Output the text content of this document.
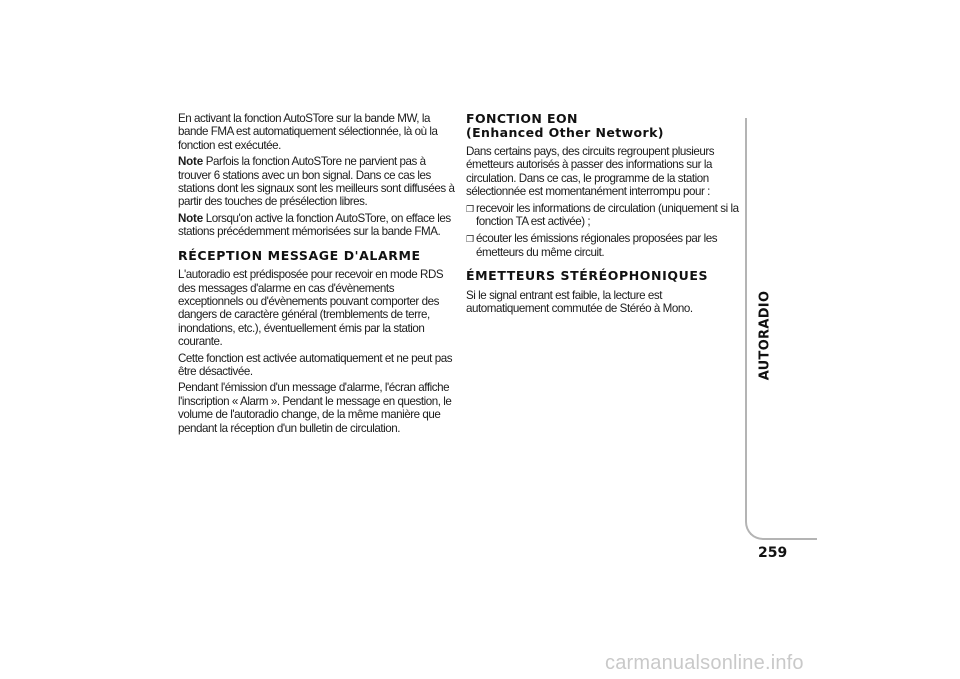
En activant la fonction AutoSTore sur la bande MW, la bande FMA est automatiquement sélectionnée, là où la fonction est exécutée.

Note Parfois la fonction AutoSTore ne parvient pas à trouver 6 stations avec un bon signal. Dans ce cas les stations dont les signaux sont les meilleurs sont diffusées à partir des touches de présélection libres.

Note Lorsqu'on active la fonction AutoSTore, on efface les stations précédemment mémorisées sur la bande FMA.

RÉCEPTION MESSAGE D'ALARME

L'autoradio est prédisposée pour recevoir en mode RDS des messages d'alarme en cas d'évènements exceptionnels ou d'évènements pouvant comporter des dangers de caractère général (tremblements de terre, inondations, etc.), éventuellement émis par la station courante.

Cette fonction est activée automatiquement et ne peut pas être désactivée.

Pendant l'émission d'un message d'alarme, l'écran affiche l'inscription « Alarm ». Pendant le message en question, le volume de l'autoradio change, de la même manière que pendant la réception d'un bulletin de circulation.

FONCTION EON
(Enhanced Other Network)

Dans certains pays, des circuits regroupent plusieurs émetteurs autorisés à passer des informations sur la circulation. Dans ce cas, le programme de la station sélectionnée est momentanément interrompu pour :

❒ recevoir les informations de circulation (uniquement si la fonction TA est activée) ;
❒ écouter les émissions régionales proposées par les émetteurs du même circuit.
ÉMETTEURS STÉRÉOPHONIQUES

Si le signal entrant est faible, la lecture est automatiquement commutée de Stéréo à Mono.	AUTORADIO
259
carmanualsonline.info
